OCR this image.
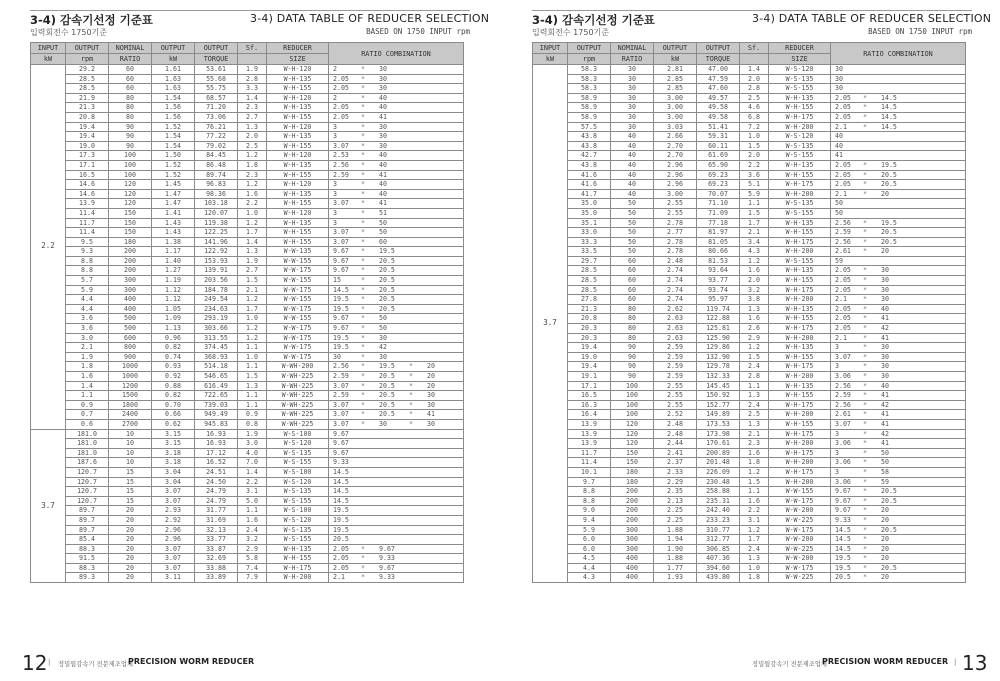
3-4) 감속기선정 기준표	3-4) DATA TABLE OF REDUCER SELECTION
입력회전수 1750기준	BASED ON 1750 INPUT rpm
INPUT	OUTPUT	NOMINAL	OUTPUT	OUTPUT	Sf.	REDUCER	RATIO COMBINATION
kW	rpm	RATIO	kW	TORQUE		SIZE	
2.2	29.2	60	1.61	53.61	1.9	W-H-120	2 * 30
	28.5	60	1.63	55.68	2.8	W-H-135	2.05 * 30
	28.5	60	1.63	55.75	3.3	W-H-155	2.05 * 30
	21.9	80	1.54	68.57	1.4	W-H-120	2 * 40
	21.3	80	1.56	71.20	2.3	W-H-135	2.05 * 40
	20.8	80	1.56	73.06	2.7	W-H-155	2.05 * 41
	19.4	90	1.52	76.21	1.3	W-H-120	3 * 30
	19.4	90	1.54	77.22	2.0	W-H-135	3 * 30
	19.0	90	1.54	79.02	2.5	W-H-155	3.07 * 30
	17.3	100	1.50	84.45	1.2	W-H-120	2.53 * 40
	17.1	100	1.52	86.48	1.8	W-H-135	2.56 * 40
	16.5	100	1.52	89.74	2.3	W-H-155	2.59 * 41
	14.6	120	1.45	96.83	1.2	W-H-120	3 * 40
	14.6	120	1.47	98.36	1.6	W-H-135	3 * 40
	13.9	120	1.47	103.18	2.2	W-H-155	3.07 * 41
	11.4	150	1.41	120.07	1.0	W-H-120	3 * 51
	11.7	150	1.43	119.38	1.2	W-H-135	3 * 50
	11.4	150	1.43	122.25	1.7	W-H-155	3.07 * 50
	9.5	180	1.38	141.96	1.4	W-H-155	3.07 * 60
	9.3	200	1.17	122.92	1.3	W-W-135	9.67 * 19.5
	8.8	200	1.40	153.93	1.9	W-W-155	9.67 * 20.5
	8.8	200	1.27	139.91	2.7	W-W-175	9.67 * 20.5
	5.7	300	1.19	203.56	1.5	W-W-155	15 * 20.5
	5.9	300	1.12	184.78	2.1	W-W-175	14.5 * 20.5
	4.4	400	1.12	249.54	1.2	W-W-155	19.5 * 20.5
	4.4	400	1.05	234.63	1.7	W-W-175	19.5 * 20.5
	3.6	500	1.09	293.19	1.0	W-W-155	9.67 * 50
	3.6	500	1.13	303.66	1.2	W-W-175	9.67 * 50
	3.0	600	0.96	313.55	1.2	W-W-175	19.5 * 30
	2.1	800	0.82	374.45	1.1	W-W-175	19.5 * 42
	1.9	900	0.74	368.93	1.0	W-W-175	30 * 30
	1.8	1000	0.93	514.18	1.1	W-WH-200	2.56 * 19.5 * 20
	1.6	1000	0.92	546.65	1.5	W-WH-225	2.59 * 20.5 * 20
	1.4	1200	0.88	616.49	1.3	W-WH-225	3.07 * 20.5 * 20
	1.1	1500	0.82	722.65	1.1	W-WH-225	2.59 * 20.5 * 30
	0.9	1800	0.70	739.03	1.1	W-WH-225	3.07 * 20.5 * 30
	0.7	2400	0.66	949.49	0.9	W-WH-225	3.07 * 20.5 * 41
	0.6	2700	0.62	945.83	0.8	W-WH-225	3.07 * 30 * 30
3.7	181.0	10	3.15	16.93	1.9	W-S-100	9.67
	181.0	10	3.15	16.93	3.0	W-S-120	9.67
	181.0	10	3.18	17.12	4.0	W-S-135	9.67
	187.6	10	3.18	16.52	7.0	W-S-155	9.33
	120.7	15	3.04	24.51	1.4	W-S-100	14.5
	120.7	15	3.04	24.50	2.2	W-S-120	14.5
	120.7	15	3.07	24.79	3.1	W-S-135	14.5
	120.7	15	3.07	24.79	5.0	W-S-155	14.5
	89.7	20	2.93	31.77	1.1	W-S-100	19.5
	89.7	20	2.92	31.69	1.6	W-S-120	19.5
	89.7	20	2.96	32.13	2.4	W-S-135	19.5
	85.4	20	2.96	33.77	3.2	W-S-155	20.5
	88.3	20	3.07	33.87	2.9	W-H-135	2.05 * 9.67
	91.5	20	3.07	32.69	5.8	W-H-155	2.05 * 9.33
	88.3	20	3.07	33.88	7.4	W-H-175	2.05 * 9.67
	89.3	20	3.11	33.89	7.9	W-H-200	2.1 * 9.33
12 | 정밀웜감속기 전문제조업체
PRECISION WORM REDUCER
3-4) 감속기선정 기준표	3-4) DATA TABLE OF REDUCER SELECTION
입력회전수 1750기준	BASED ON 1750 INPUT rpm
INPUT	OUTPUT	NOMINAL	OUTPUT	OUTPUT	Sf.	REDUCER	RATIO COMBINATION
kW	rpm	RATIO	kW	TORQUE		SIZE	
3.7	58.3	30	2.81	47.00	1.4	W-S-120	30
	58.3	30	2.85	47.59	2.0	W-S-135	30
	58.3	30	2.85	47.60	2.8	W-S-155	30
	58.9	30	3.00	49.57	2.5	W-H-135	2.05 * 14.5
	58.9	30	3.00	49.58	4.6	W-H-155	2.05 * 14.5
	58.9	30	3.00	49.58	6.8	W-H-175	2.05 * 14.5
	57.5	30	3.03	51.41	7.2	W-H-200	2.1 * 14.5
	43.8	40	2.66	59.31	1.0	W-S-120	40
	43.8	40	2.70	60.11	1.5	W-S-135	40
	42.7	40	2.70	61.69	2.0	W-S-155	41
	43.8	40	2.96	65.90	2.2	W-H-135	2.05 * 19.5
	41.6	40	2.96	69.23	3.6	W-H-155	2.05 * 20.5
	41.6	40	2.96	69.23	5.1	W-H-175	2.05 * 20.5
	41.7	40	3.00	70.07	5.9	W-H-200	2.1 * 20
	35.0	50	2.55	71.10	1.1	W-S-135	50
	35.0	50	2.55	71.09	1.5	W-S-155	50
	35.1	50	2.78	77.18	1.7	W-H-135	2.56 * 19.5
	33.0	50	2.77	81.97	2.1	W-H-155	2.59 * 20.5
	33.3	50	2.78	81.05	3.4	W-H-175	2.56 * 20.5
	33.5	50	2.78	80.66	4.3	W-H-200	2.61 * 20
	29.7	60	2.48	81.53	1.2	W-S-155	59
	28.5	60	2.74	93.64	1.6	W-H-135	2.05 * 30
	28.5	60	2.74	93.77	2.0	W-H-155	2.05 * 30
	28.5	60	2.74	93.74	3.2	W-H-175	2.05 * 30
	27.8	60	2.74	95.97	3.8	W-H-200	2.1 * 30
	21.3	80	2.62	119.74	1.3	W-H-135	2.05 * 40
	20.8	80	2.63	122.88	1.6	W-H-155	2.05 * 41
	20.3	80	2.63	125.81	2.6	W-H-175	2.05 * 42
	20.3	80	2.63	125.90	2.9	W-H-200	2.1 * 41
	19.4	90	2.59	129.86	1.2	W-H-135	3 * 30
	19.0	90	2.59	132.90	1.5	W-H-155	3.07 * 30
	19.4	90	2.59	129.78	2.4	W-H-175	3 * 30
	19.1	90	2.59	132.33	2.8	W-H-200	3.06 * 30
	17.1	100	2.55	145.45	1.1	W-H-135	2.56 * 40
	16.5	100	2.55	150.92	1.3	W-H-155	2.59 * 41
	16.3	100	2.55	152.77	2.4	W-H-175	2.56 * 42
	16.4	100	2.52	149.89	2.5	W-H-200	2.61 * 41
	13.9	120	2.48	173.53	1.3	W-H-155	3.07 * 41
	13.9	120	2.48	173.98	2.1	W-H-175	3 * 42
	13.9	120	2.44	170.61	2.3	W-H-200	3.06 * 41
	11.7	150	2.41	200.89	1.6	W-H-175	3 * 50
	11.4	150	2.37	201.48	1.8	W-H-200	3.06 * 50
	10.1	180	2.33	226.09	1.2	W-H-175	3 * 58
	9.7	180	2.29	230.48	1.5	W-H-200	3.06 * 59
	8.8	200	2.35	258.88	1.1	W-W-155	9.67 * 20.5
	8.8	200	2.13	235.31	1.6	W-W-175	9.67 * 20.5
	9.0	200	2.25	242.40	2.2	W-W-200	9.67 * 20
	9.4	200	2.25	233.23	3.1	W-W-225	9.33 * 20
	5.9	300	1.88	310.77	1.2	W-W-175	14.5 * 20.5
	6.0	300	1.94	312.77	1.7	W-W-200	14.5 * 20
	6.0	300	1.90	306.85	2.4	W-W-225	14.5 * 20
	4.5	400	1.88	407.36	1.3	W-W-200	19.5 * 20
	4.4	400	1.77	394.60	1.0	W-W-175	19.5 * 20.5
	4.3	400	1.93	439.80	1.8	W-W-225	20.5 * 20
정밀웜감속기 전문제조업체
PRECISION WORM REDUCER | 13
